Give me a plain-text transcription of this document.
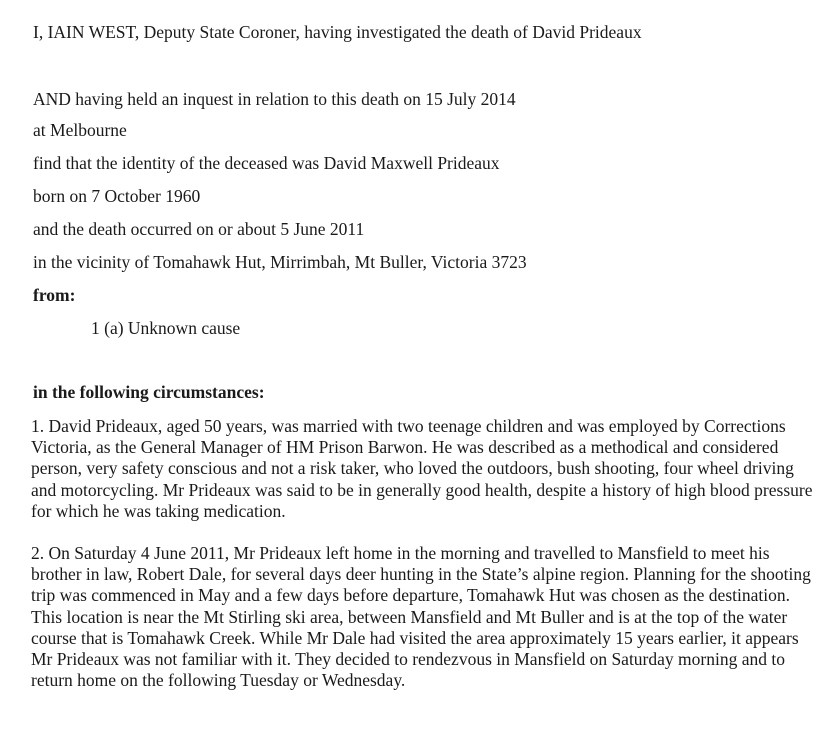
I, IAIN WEST, Deputy State Coroner, having investigated the death of David Prideaux
AND having held an inquest in relation to this death on 15 July 2014
at Melbourne
find that the identity of the deceased was David Maxwell Prideaux
born on 7 October 1960
and the death occurred on or about 5 June 2011
in the vicinity of Tomahawk Hut, Mirrimbah, Mt Buller, Victoria 3723
from:
1 (a) Unknown cause
in the following circumstances:

1. David Prideaux, aged 50 years, was married with two teenage children and was employed by Corrections Victoria, as the General Manager of HM Prison Barwon. He was described as a methodical and considered person, very safety conscious and not a risk taker, who loved the outdoors, bush shooting, four wheel driving and motorcycling. Mr Prideaux was said to be in generally good health, despite a history of high blood pressure for which he was taking medication.

2. On Saturday 4 June 2011, Mr Prideaux left home in the morning and travelled to Mansfield to meet his brother in law, Robert Dale, for several days deer hunting in the State’s alpine region. Planning for the shooting trip was commenced in May and a few days before departure, Tomahawk Hut was chosen as the destination. This location is near the Mt Stirling ski area, between Mansfield and Mt Buller and is at the top of the water course that is Tomahawk Creek. While Mr Dale had visited the area approximately 15 years earlier, it appears Mr Prideaux was not familiar with it. They decided to rendezvous in Mansfield on Saturday morning and to return home on the following Tuesday or Wednesday.
